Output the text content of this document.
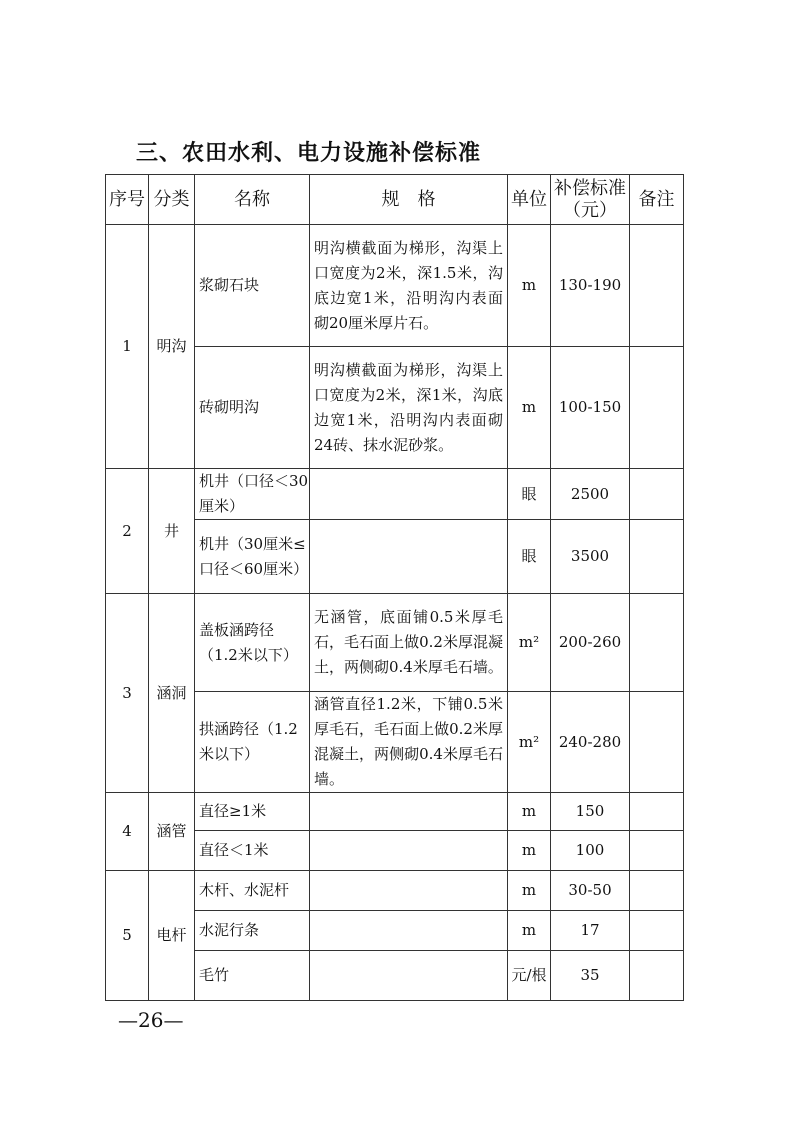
三、农田水利、电力设施补偿标准
序号	分类	名称	规　格	单位	补偿标准（元）	备注
1	明沟	浆砌石块	明沟横截面为梯形，沟渠上口宽度为2米，深1.5米，沟底边宽1米，沿明沟内表面砌20厘米厚片石。	m	130-190	
		砖砌明沟	明沟横截面为梯形，沟渠上口宽度为2米，深1米，沟底边宽1米，沿明沟内表面砌24砖、抹水泥砂浆。	m	100-150	
2	井	机井（口径＜30厘米）		眼	2500	
		机井（30厘米≤口径＜60厘米）		眼	3500	
3	涵洞	盖板涵跨径（1.2米以下）	无涵管，底面铺0.5米厚毛石，毛石面上做0.2米厚混凝土，两侧砌0.4米厚毛石墙。	m²	200-260	
		拱涵跨径（1.2米以下）	涵管直径1.2米，下铺0.5米厚毛石，毛石面上做0.2米厚混凝土，两侧砌0.4米厚毛石墙。	m²	240-280	
4	涵管	直径≥1米		m	150	
		直径＜1米		m	100	
5	电杆	木杆、水泥杆		m	30-50	
		水泥行条		m	17	
		毛竹		元/根	35	
—26—
